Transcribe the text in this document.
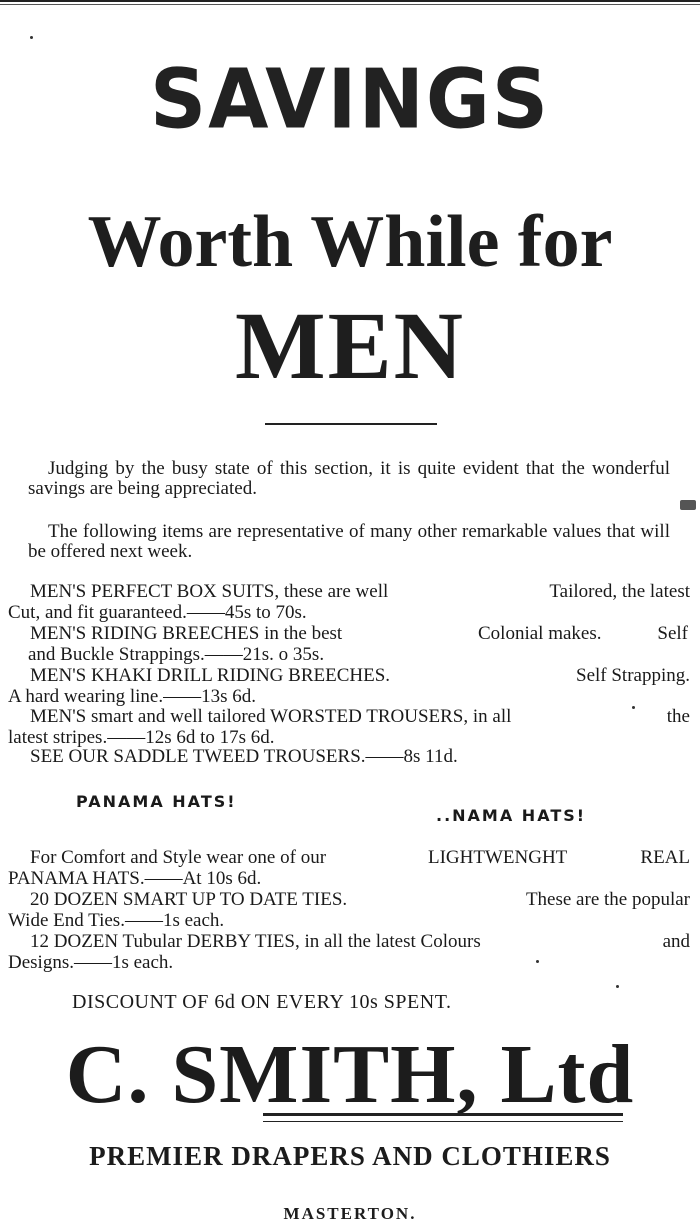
SAVINGS
Worth While for
MEN
Judging by the busy state of this section, it is quite evident that the wonderful savings are being appreciated.
The following items are representative of many other remarkable values that will be offered next week.
MEN'S PERFECT BOX SUITS, these are well	Tailored, the latest
Cut, and fit guaranteed.——45s to 70s.
MEN'S RIDING BREECHES in the best	Colonial makes.	Self
and Buckle Strappings.——21s. o 35s.
MEN'S KHAKI DRILL RIDING BREECHES.	Self Strapping.
A hard wearing line.——13s 6d.
MEN'S smart and well tailored WORSTED TROUSERS, in all	the
latest stripes.——12s 6d to 17s 6d.
SEE OUR SADDLE TWEED TROUSERS.——8s 11d.
PANAMA HATS!
..NAMA HATS!
For Comfort and Style wear one of our	LIGHTWENGHT	REAL
PANAMA HATS.——At 10s 6d.
20 DOZEN SMART UP TO DATE TIES.	These are the popular
Wide End Ties.——1s each.
12 DOZEN Tubular DERBY TIES, in all the latest Colours	and
Designs.——1s each.
DISCOUNT OF 6d ON EVERY 10s SPENT.
C. SMITH, Ltd
PREMIER DRAPERS AND CLOTHIERS
MASTERTON.
